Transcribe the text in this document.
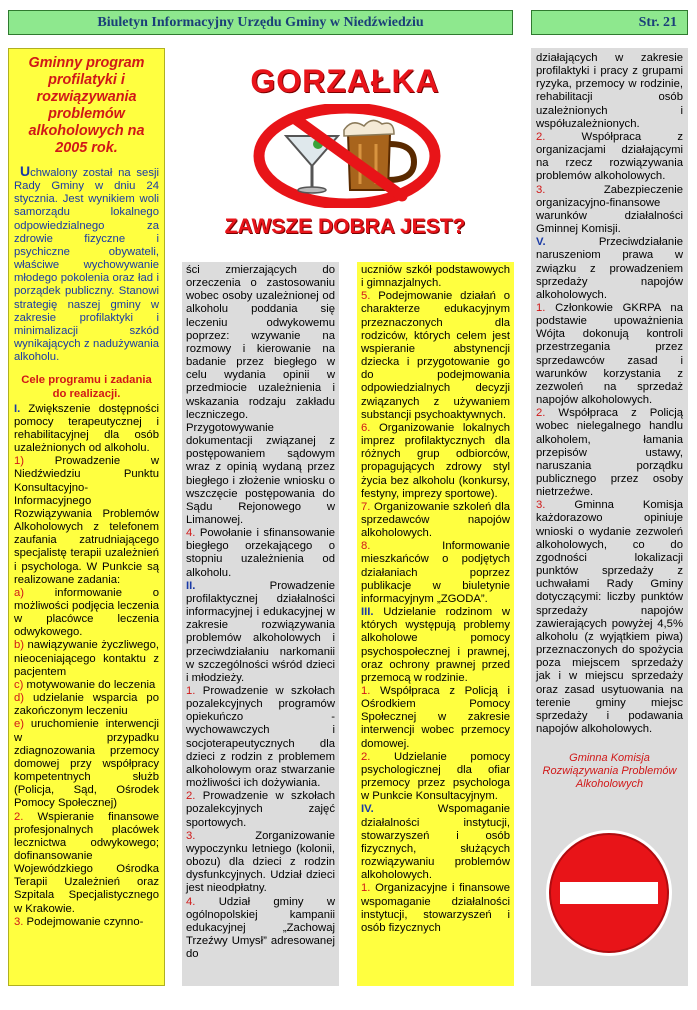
Biuletyn Informacyjny Urzędu Gminy w Niedźwiedziu	Str. 21
Gminny program profilatyki i rozwiązywania problemów alkoholowych na 2005 rok.

Uchwalony został na sesji Rady Gminy w dniu 24 stycznia. Jest wynikiem woli samorządu lokalnego odpowiedzialnego za zdrowie fizyczne i psychiczne obywateli, właściwe wychowywanie młodego pokolenia oraz ład i porządek publiczny. Stanowi strategię naszej gminy w zakresie profilaktyki i minimalizacji szkód wynikających z nadużywania alkoholu.

Cele programu i zadania do realizacji.

I. Zwiększenie dostępności pomocy terapeutycznej i rehabilitacyjnej dla osób uzależnionych od alkoholu.

1) Prowadzenie w Niedźwiedziu Punktu Konsultacyjno-Informacyjnego Rozwiązywania Problemów Alkoholowych z telefonem zaufania zatrudniającego specjalistę terapii uzależnień i psychologa. W Punkcie są realizowane zadania:

a) informowanie o możliwości podjęcia leczenia w placówce leczenia odwykowego.

b) nawiązywanie życzliwego, nieoceniającego kontaktu z pacjentem

c) motywowanie do leczenia

d) udzielanie wsparcia po zakończonym leczeniu

e) uruchomienie interwencji w przypadku zdiagnozowania przemocy domowej przy współpracy kompetentnych służb (Policja, Sąd, Ośrodek Pomocy Społecznej)

2. Wspieranie finansowe profesjonalnych placówek lecznictwa odwykowego; dofinansowanie Wojewódzkiego Ośrodka Terapii Uzależnień oraz Szpitala Specjalistycznego w Krakowie.

3. Podejmowanie czynno-

GORZAŁKA
ZAWSZE DOBRA JEST?

ści zmierzających do orzeczenia o zastosowaniu wobec osoby uzależnionej od alkoholu poddania się leczeniu odwykowemu poprzez: wzywanie na rozmowy i kierowanie na badanie przez biegłego w celu wydania opinii w przedmiocie uzależnienia i wskazania rodzaju zakładu leczniczego. Przygotowywanie dokumentacji związanej z postępowaniem sądowym wraz z opinią wydaną przez biegłego i złożenie wniosku o wszczęcie postępowania do Sądu Rejonowego w Limanowej.

4. Powołanie i sfinansowanie biegłego orzekającego o stopniu uzależnienia od alkoholu.

II. Prowadzenie profilaktycznej działalności informacyjnej i edukacyjnej w zakresie rozwiązywania problemów alkoholowych i przeciwdziałaniu narkomanii w szczególności wśród dzieci i młodzieży.

1. Prowadzenie w szkołach pozalekcyjnych programów opiekuńczo - wychowawczych i socjoterapeutycznych dla dzieci z rodzin z problemem alkoholowym oraz stwarzanie możliwości ich dożywiania.

2. Prowadzenie w szkołach pozalekcyjnych zajęć sportowych.

3. Zorganizowanie wypoczynku letniego (kolonii, obozu) dla dzieci z rodzin dysfunkcyjnych. Udział dzieci jest nieodpłatny.

4. Udział gminy w ogólnopolskiej kampanii edukacyjnej „Zachowaj Trzeźwy Umysł” adresowanej do

uczniów szkół podstawowych i gimnazjalnych.

5. Podejmowanie działań o charakterze edukacyjnym przeznaczonych dla rodziców, których celem jest wspieranie abstynencji dziecka i przygotowanie go do podejmowania odpowiedzialnych decyzji związanych z używaniem substancji psychoaktywnych.

6. Organizowanie lokalnych imprez profilaktycznych dla różnych grup odbiorców, propagujących zdrowy styl życia bez alkoholu (konkursy, festyny, imprezy sportowe).

7. Organizowanie szkoleń dla sprzedawców napojów alkoholowych.

8. Informowanie mieszkańców o podjętych działaniach poprzez publikacje w biuletynie informacyjnym „ZGODA”.

III. Udzielanie rodzinom w których występują problemy alkoholowe pomocy psychospołecznej i prawnej, oraz ochrony prawnej przed przemocą w rodzinie.

1. Współpraca z Policją i Ośrodkiem Pomocy Społecznej w zakresie interwencji wobec przemocy domowej.

2. Udzielanie pomocy psychologicznej dla ofiar przemocy przez psychologa w Punkcie Konsultacyjnym.

IV. Wspomaganie działalności instytucji, stowarzyszeń i osób fizycznych, służących rozwiązywaniu problemów alkoholowych.

1. Organizacyjne i finansowe wspomaganie działalności instytucji, stowarzyszeń i osób fizycznych

działających w zakresie profilaktyki i pracy z grupami ryzyka, przemocy w rodzinie, rehabilitacji osób uzależnionych i współuzależnionych.

2. Współpraca z organizacjami działającymi na rzecz rozwiązywania problemów alkoholowych.

3. Zabezpieczenie organizacyjno-finansowe warunków działalności Gminnej Komisji.

V. Przeciwdziałanie naruszeniom prawa w związku z prowadzeniem sprzedaży napojów alkoholowych.

1. Członkowie GKRPA na podstawie upoważnienia Wójta dokonują kontroli przestrzegania przez sprzedawców zasad i warunków korzystania z zezwoleń na sprzedaż napojów alkoholowych.

2. Współpraca z Policją wobec nielegalnego handlu alkoholem, łamania przepisów ustawy, naruszania porządku publicznego przez osoby nietrzeźwe.

3. Gminna Komisja każdorazowo opiniuje wnioski o wydanie zezwoleń alkoholowych, co do zgodności lokalizacji punktów sprzedaży z uchwałami Rady Gminy dotyczącymi: liczby punktów sprzedaży napojów zawierających powyżej 4,5% alkoholu (z wyjątkiem piwa) przeznaczonych do spożycia poza miejscem sprzedaży jak i w miejscu sprzedaży oraz zasad usytuowania na terenie gminy miejsc sprzedaży i podawania napojów alkoholowych.

Gminna Komisja Rozwiązywania Problemów Alkoholowych
